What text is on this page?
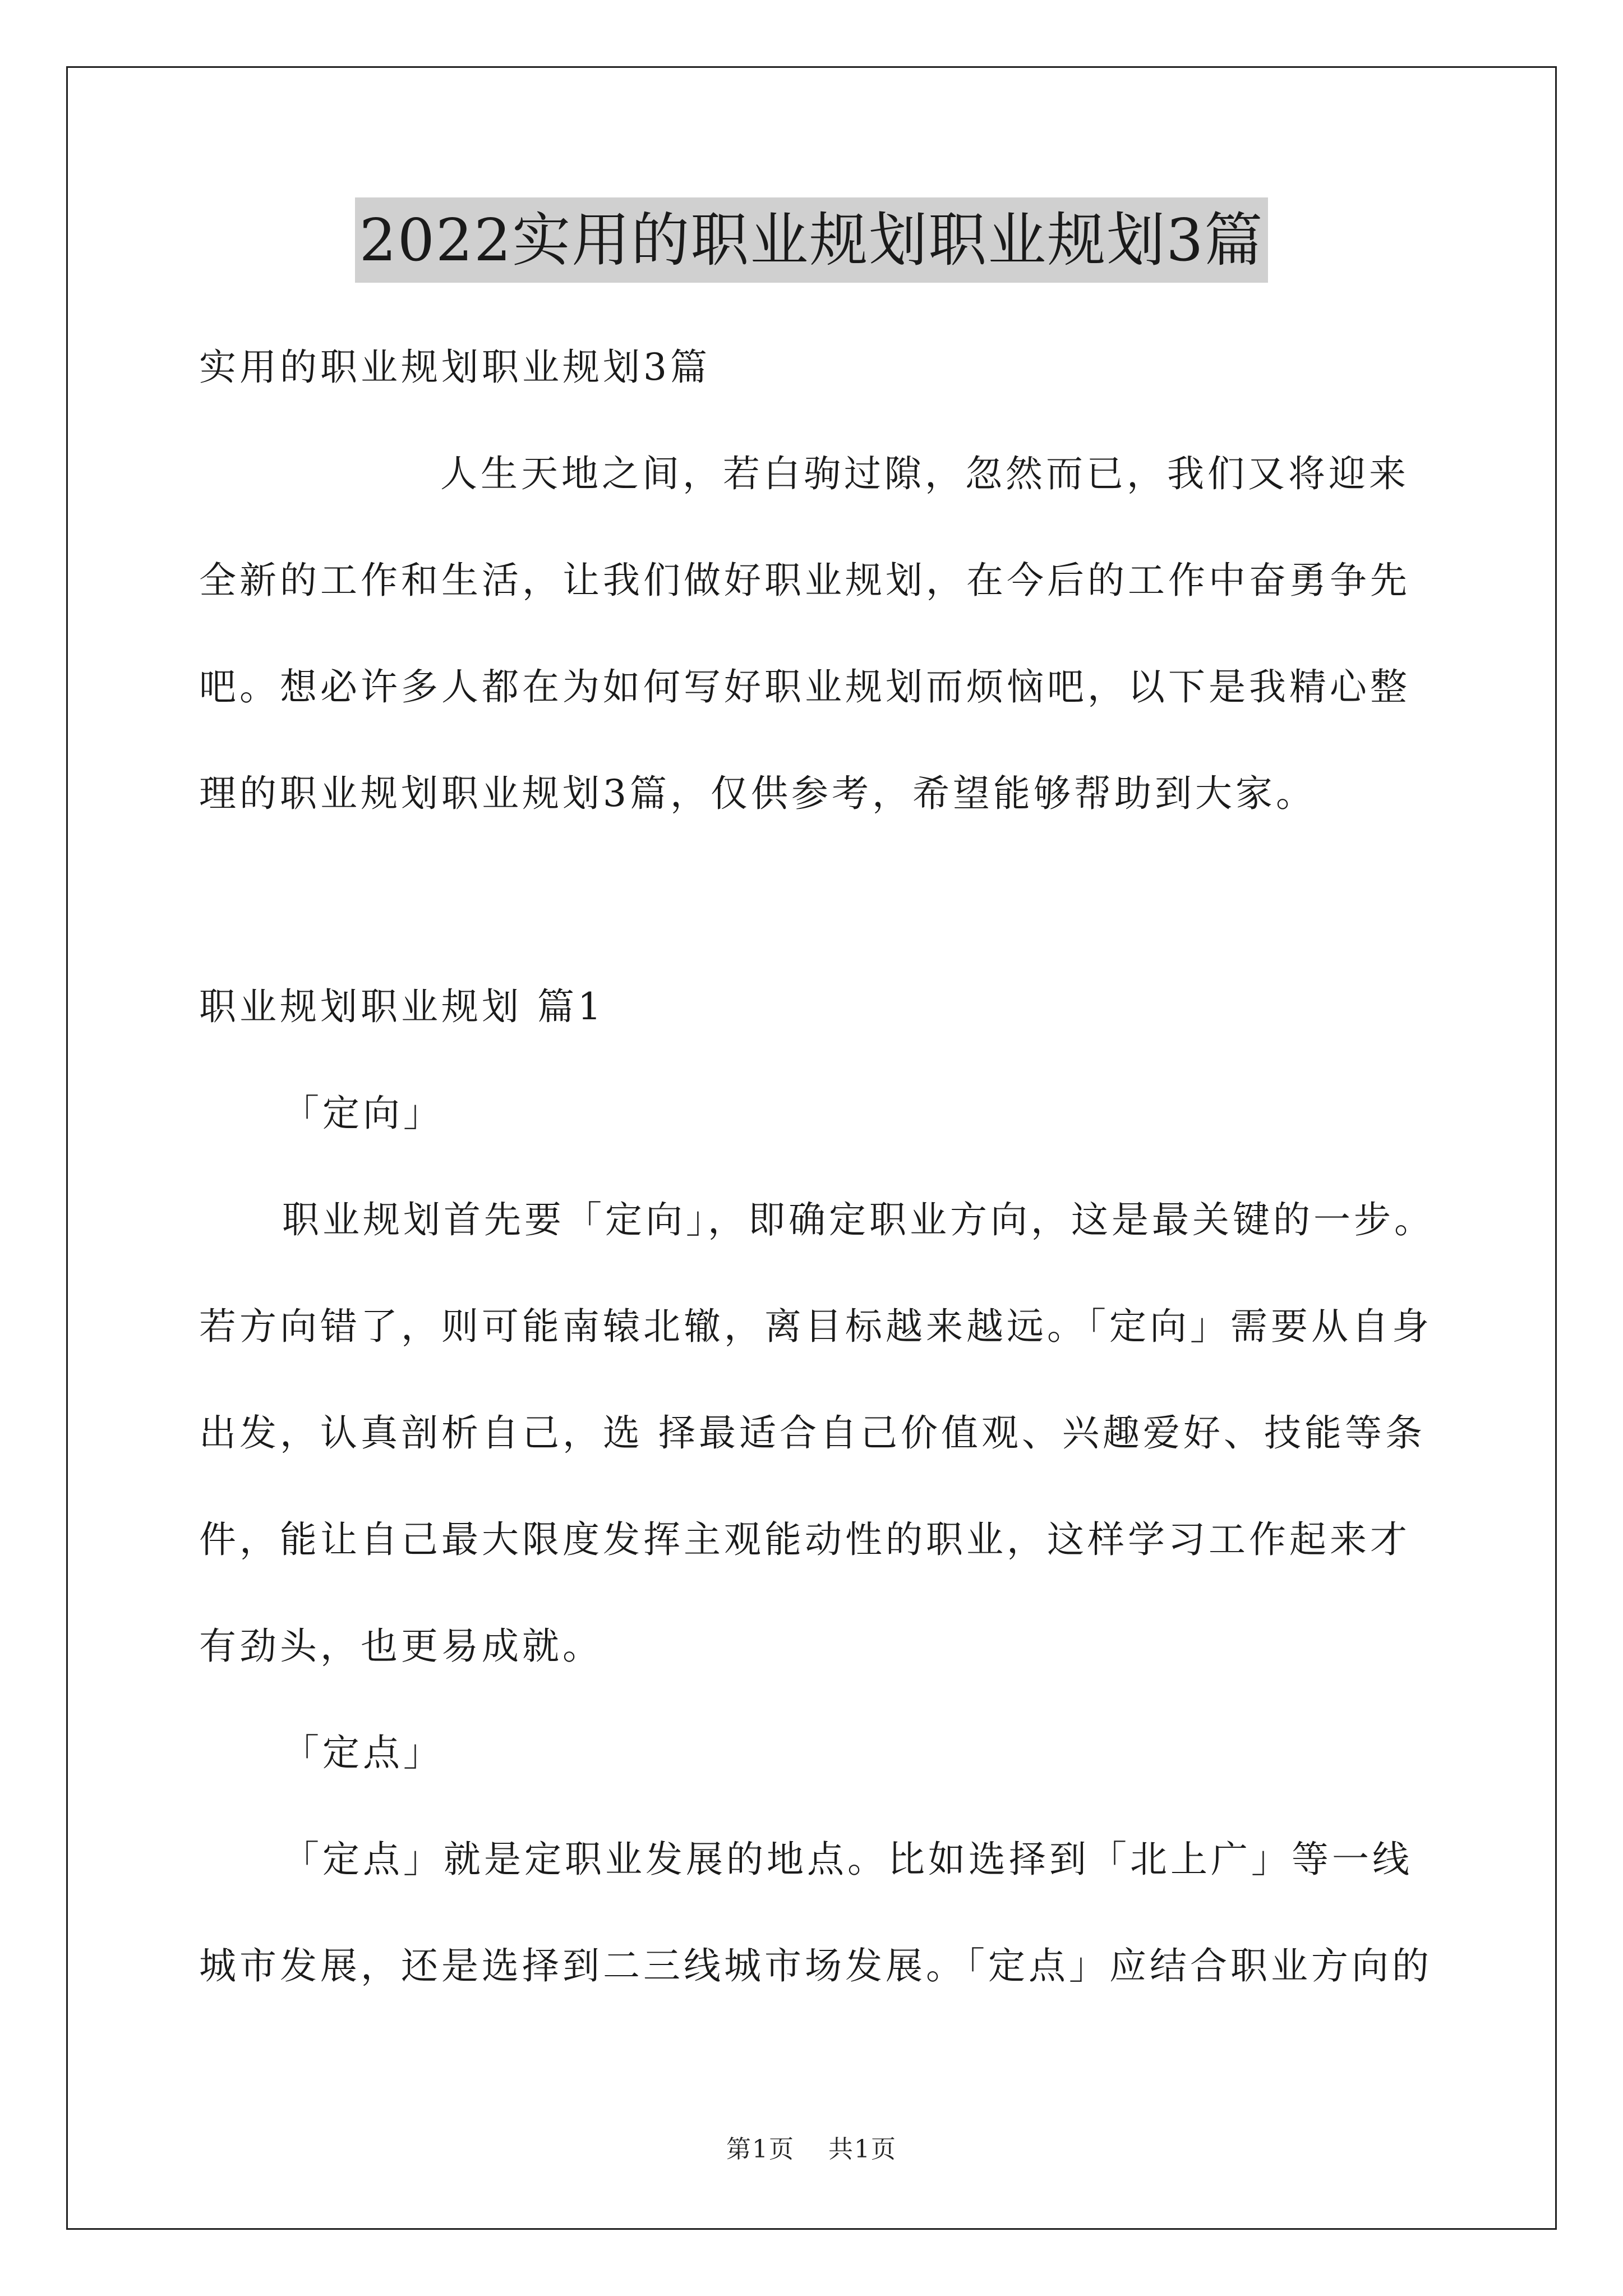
2022实用的职业规划职业规划3篇

实用的职业规划职业规划3篇

人生天地之间，若白驹过隙，忽然而已，我们又将迎来

全新的工作和生活，让我们做好职业规划，在今后的工作中奋勇争先

吧。想必许多人都在为如何写好职业规划而烦恼吧，以下是我精心整

理的职业规划职业规划3篇，仅供参考，希望能够帮助到大家。

职业规划职业规划 篇1

「定向」

职业规划首先要「定向」，即确定职业方向，这是最关键的一步。

若方向错了，则可能南辕北辙，离目标越来越远。「定向」需要从自身

出发，认真剖析自己，选 择最适合自己价值观、兴趣爱好、技能等条

件，能让自己最大限度发挥主观能动性的职业，这样学习工作起来才

有劲头，也更易成就。

「定点」

「定点」就是定职业发展的地点。比如选择到「北上广」等一线

城市发展，还是选择到二三线城市场发展。「定点」应结合职业方向的

第1页 共1页
